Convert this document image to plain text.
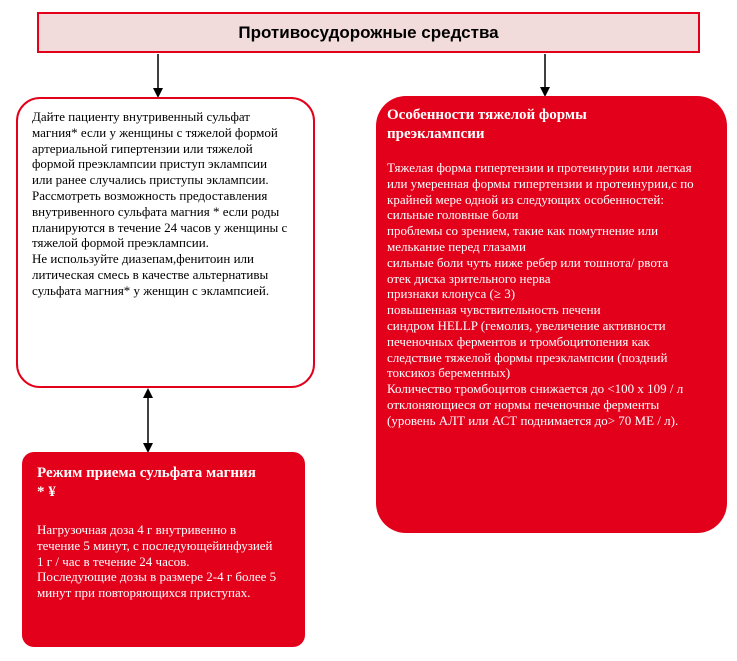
Противосудорожные средства

Дайте пациенту внутривенный сульфат

магния* если у женщины с тяжелой формой

артериальной гипертензии или тяжелой

формой преэклампсии приступ эклампсии

или ранее случались приступы эклампсии.

Рассмотреть возможность предоставления

внутривенного сульфата магния * если роды

планируются в течение 24 часов у женщины с

тяжелой формой преэклампсии.

Не используйте диазепам,фенитоин или

литическая смесь в качестве альтернативы

сульфата магния* у женщин с эклампсией.

Особенности тяжелой формы
преэклампсии
Тяжелая форма гипертензии и протеинурии или легкая
или умеренная формы гипертензии и протеинурии,с по
крайней мере одной из следующих особенностей:
сильные головные боли
проблемы со зрением, такие как помутнение или
мелькание перед глазами
сильные боли чуть ниже ребер или тошнота/ рвота
отек диска зрительного нерва
признаки клонуса (≥ 3)
повышенная чувствительность печени
синдром HELLP (гемолиз, увеличение активности
печеночных ферментов и тромбоцитопения как
следствие тяжелой формы преэклампсии (поздний
токсикоз беременных)
Количество тромбоцитов снижается до <100 х 109 / л
отклоняющиеся от нормы печеночные ферменты
(уровень АЛТ или АСТ поднимается до> 70 МЕ / л).
Режим приема сульфата магния
* ¥
Нагрузочная доза 4 г внутривенно в
течение 5 минут, с последующейинфузией
1 г / час в течение 24 часов.
Последующие дозы в размере 2-4 г более 5
минут при повторяющихся приступах.
